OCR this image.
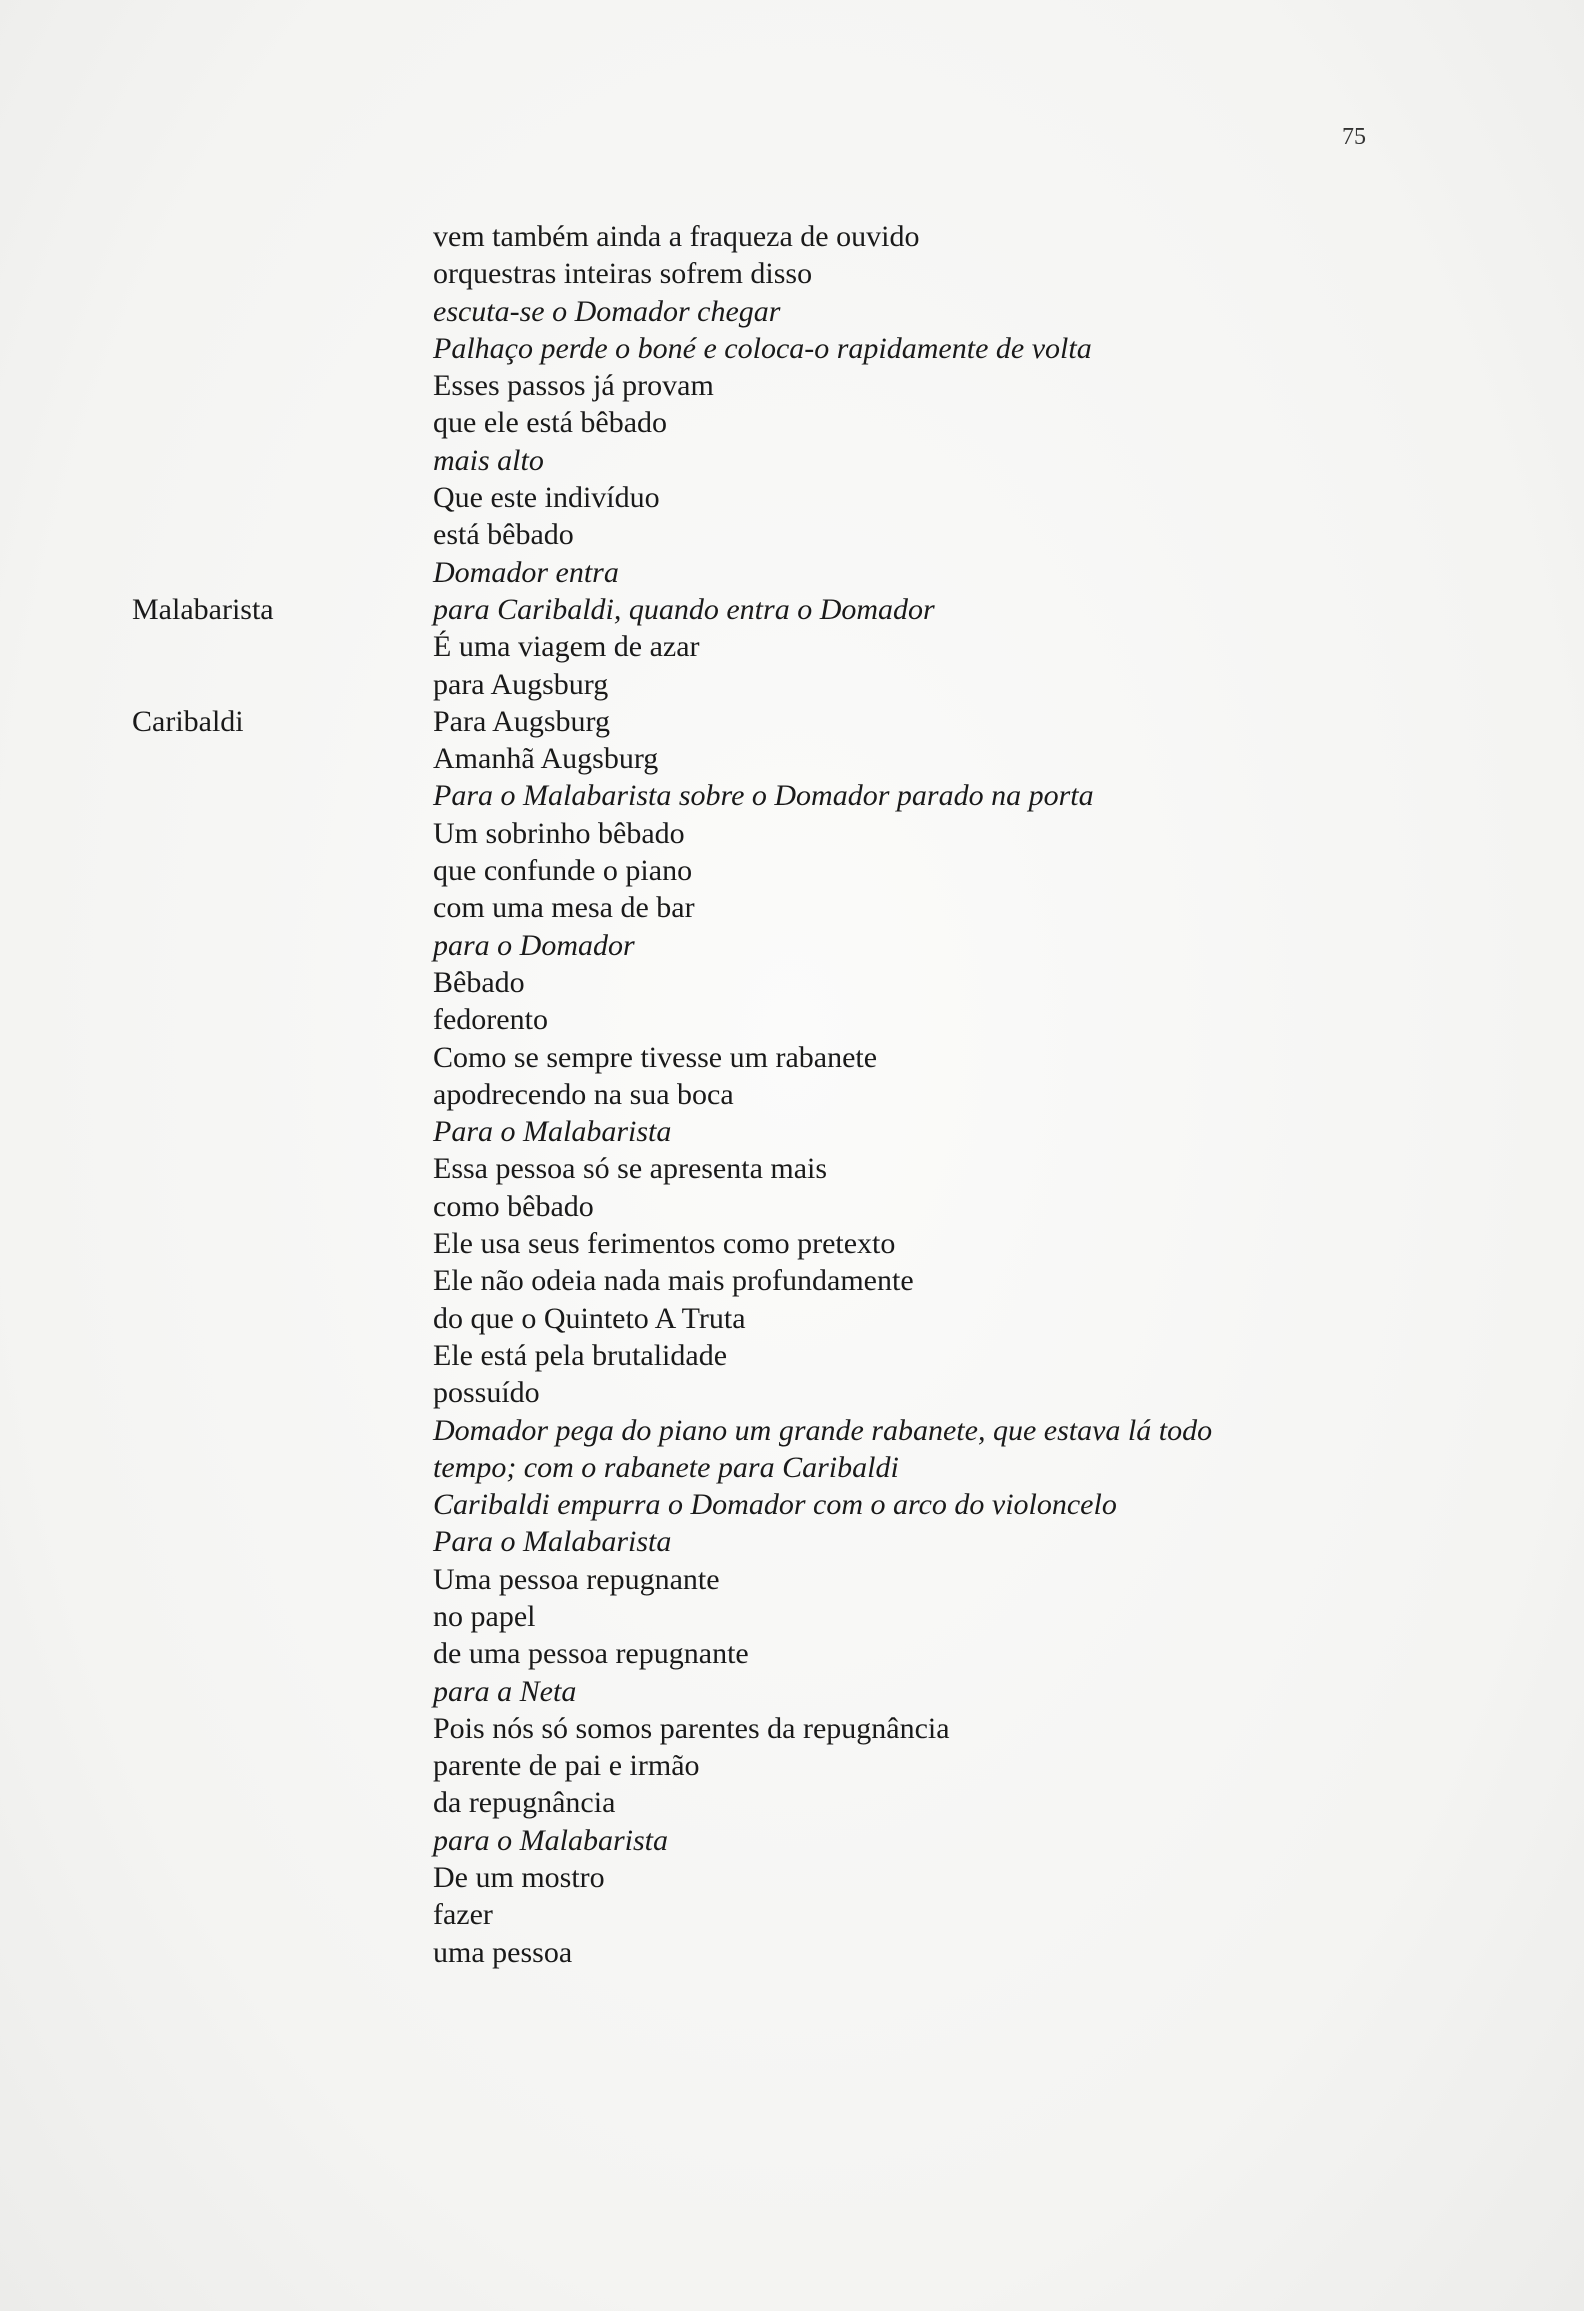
75
vem também ainda a fraqueza de ouvido
orquestras inteiras sofrem disso
escuta-se o Domador chegar
Palhaço perde o boné e coloca-o rapidamente de volta
Esses passos já provam
que ele está bêbado
mais alto
Que este indivíduo
está bêbado
Domador entra
Malabarista	para Caribaldi, quando entra o Domador
É uma viagem de azar
para Augsburg
Caribaldi	Para Augsburg
Amanhã Augsburg
Para o Malabarista sobre o Domador parado na porta
Um sobrinho bêbado
que confunde o piano
com uma mesa de bar
para o Domador
Bêbado
fedorento
Como se sempre tivesse um rabanete
apodrecendo na sua boca
Para o Malabarista
Essa pessoa só se apresenta mais
como bêbado
Ele usa seus ferimentos como pretexto
Ele não odeia nada mais profundamente
do que o Quinteto A Truta
Ele está pela brutalidade
possuído
Domador pega do piano um grande rabanete, que estava lá todo
tempo; com o rabanete para Caribaldi
Caribaldi empurra o Domador com o arco do violoncelo
Para o Malabarista
Uma pessoa repugnante
no papel
de uma pessoa repugnante
para a Neta
Pois nós só somos parentes da repugnância
parente de pai e irmão
da repugnância
para o Malabarista
De um mostro
fazer
uma pessoa
